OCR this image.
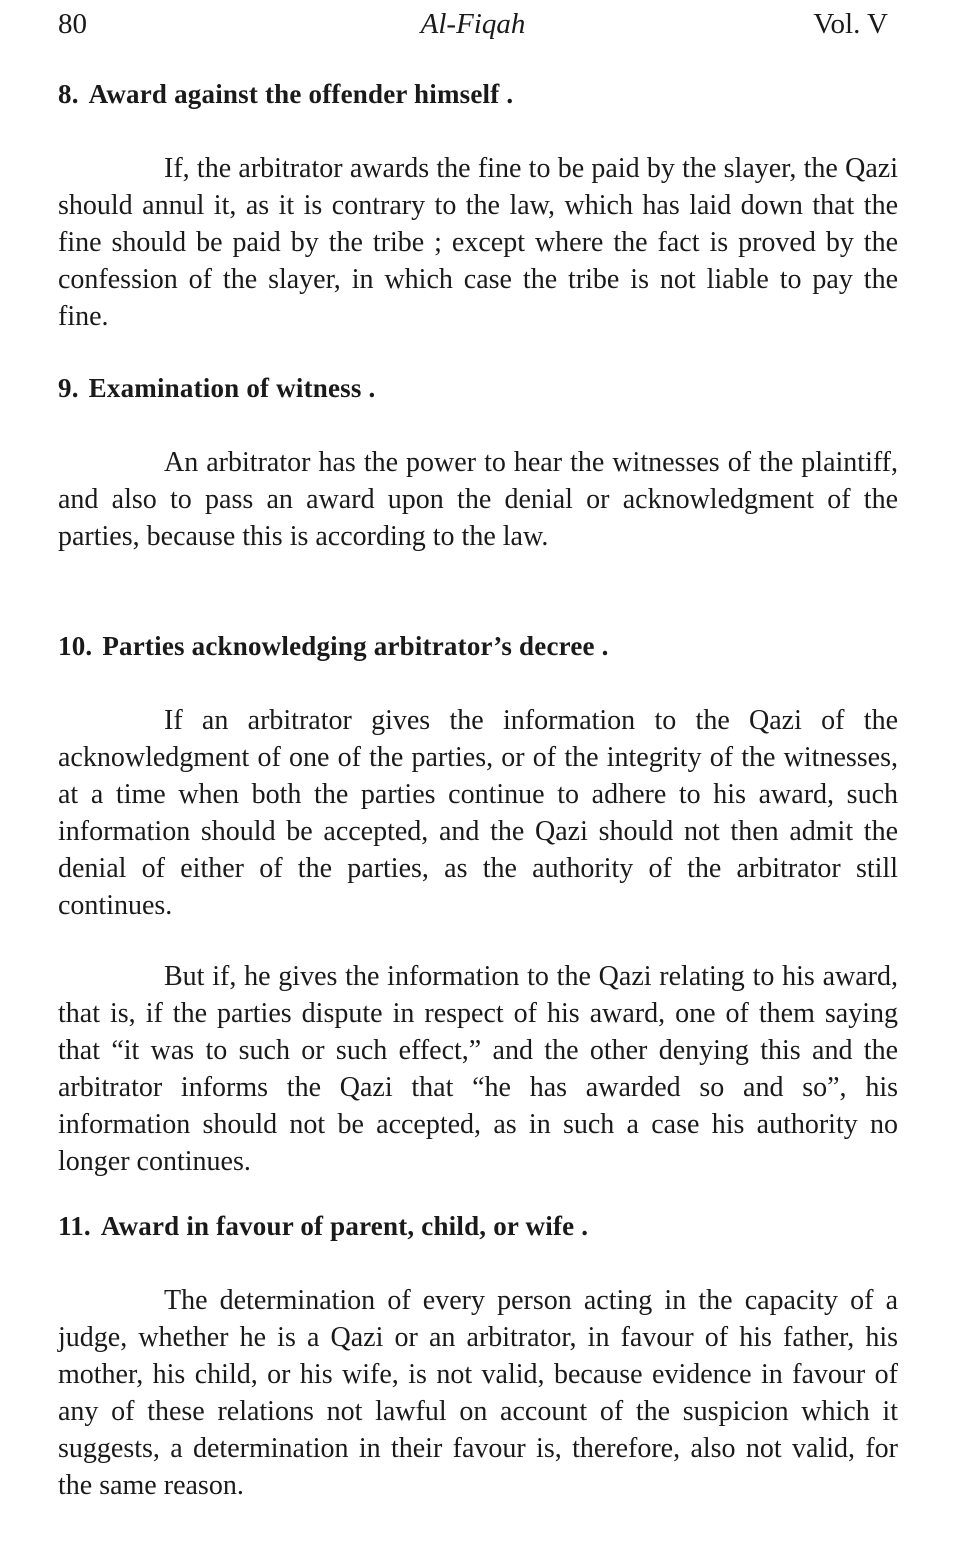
80	Al-Fiqah	Vol. V
8. Award against the offender himself .

If, the arbitrator awards the fine to be paid by the slayer, the Qazi should annul it, as it is contrary to the law, which has laid down that the fine should be paid by the tribe ; except where the fact is proved by the confession of the slayer, in which case the tribe is not liable to pay the fine.

9. Examination of witness .

An arbitrator has the power to hear the witnesses of the plaintiff, and also to pass an award upon the denial or acknowledgment of the parties, because this is according to the law.

10. Parties acknowledging arbitrator’s decree .

If an arbitrator gives the information to the Qazi of the acknowledgment of one of the parties, or of the integrity of the witnesses, at a time when both the parties continue to adhere to his award, such information should be accepted, and the Qazi should not then admit the denial of either of the parties, as the authority of the arbitrator still continues.

But if, he gives the information to the Qazi relating to his award, that is, if the parties dispute in respect of his award, one of them saying that “it was to such or such effect,” and the other denying this and the arbitrator informs the Qazi that “he has awarded so and so”, his information should not be accepted, as in such a case his authority no longer continues.

11. Award in favour of parent, child, or wife .

The determination of every person acting in the capacity of a judge, whether he is a Qazi or an arbitrator, in favour of his father, his mother, his child, or his wife, is not valid, because evidence in favour of any of these relations not lawful on account of the suspicion which it suggests, a determination in their favour is, therefore, also not valid, for the same reason.
